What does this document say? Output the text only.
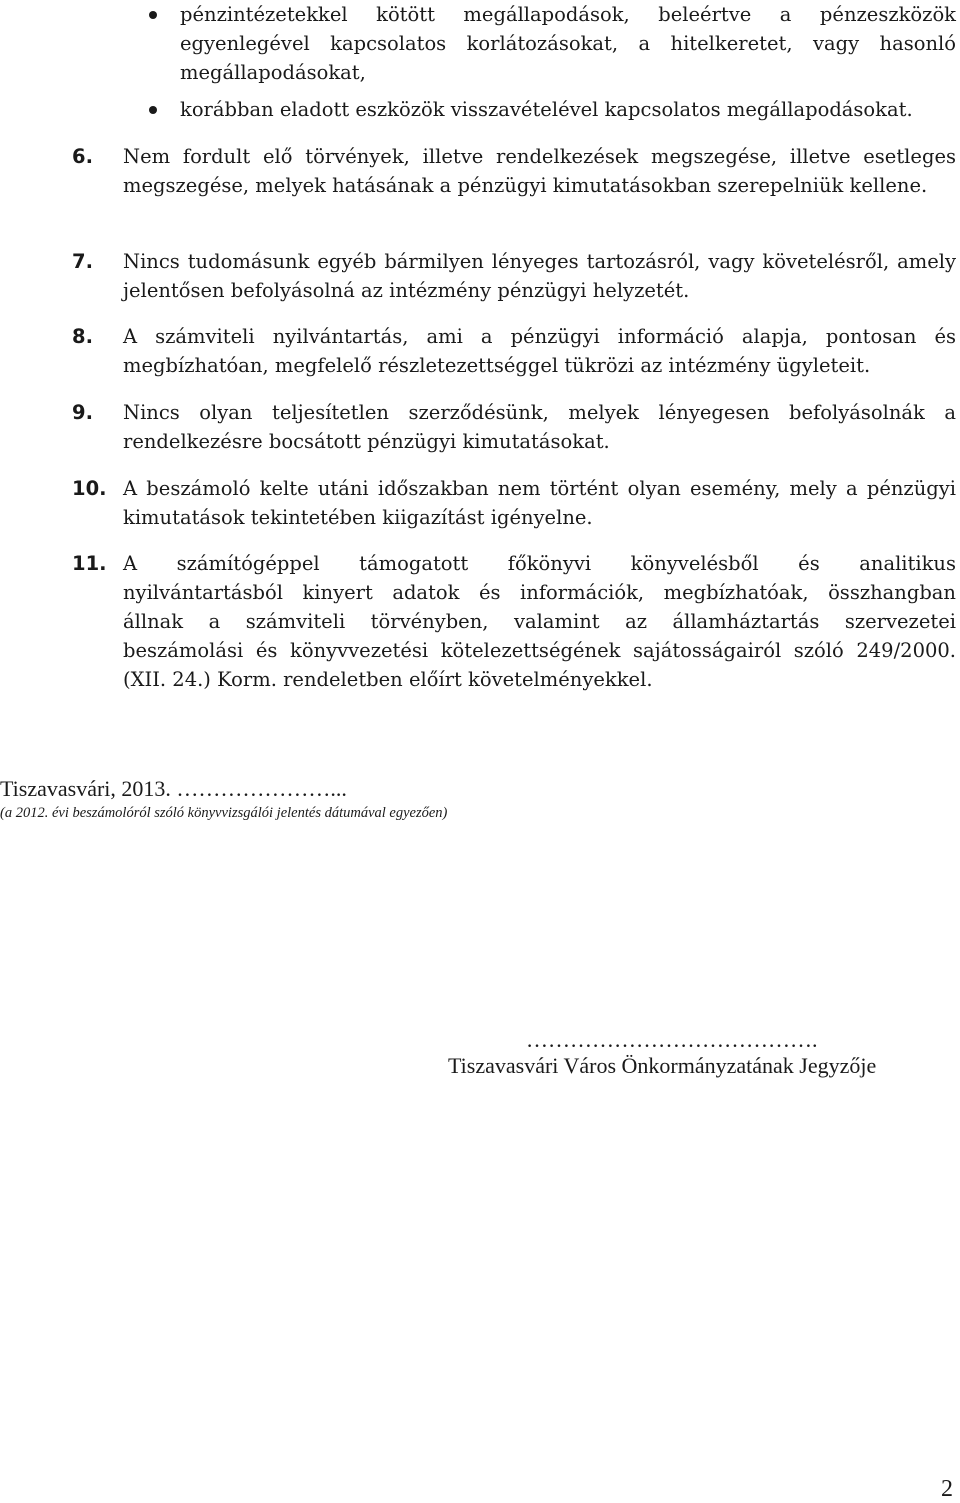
pénzintézetekkel kötött megállapodások, beleértve a pénzeszközök egyenlegével kapcsolatos korlátozásokat, a hitelkeretet, vagy hasonló megállapodásokat,
korábban eladott eszközök visszavételével kapcsolatos megállapodásokat.
6.	Nem fordult elő törvények, illetve rendelkezések megszegése, illetve esetleges megszegése, melyek hatásának a pénzügyi kimutatásokban szerepelniük kellene.
7.	Nincs tudomásunk egyéb bármilyen lényeges tartozásról, vagy követelésről, amely jelentősen befolyásolná az intézmény pénzügyi helyzetét.
8.	A számviteli nyilvántartás, ami a pénzügyi információ alapja, pontosan és megbízhatóan, megfelelő részletezettséggel tükrözi az intézmény ügyleteit.
9.	Nincs olyan teljesítetlen szerződésünk, melyek lényegesen befolyásolnák a rendelkezésre bocsátott pénzügyi kimutatásokat.
10. A beszámoló kelte utáni időszakban nem történt olyan esemény, mely a pénzügyi kimutatások tekintetében kiigazítást igényelne.
11. A számítógéppel támogatott főkönyvi könyvelésből és analitikus
nyilvántartásból kinyert adatok és információk, megbízhatóak, összhangban
állnak a számviteli törvényben, valamint az államháztartás szervezetei
beszámolási és könyvvezetési kötelezettségének sajátosságairól szóló 249/2000.
(XII. 24.) Korm. rendeletben előírt követelményekkel.
Tiszavasvári, 2013. …………………...
(a 2012. évi beszámolóról szóló könyvvizsgálói jelentés dátumával egyezően)
………………………………….
Tiszavasvári Város Önkormányzatának Jegyzője
2
